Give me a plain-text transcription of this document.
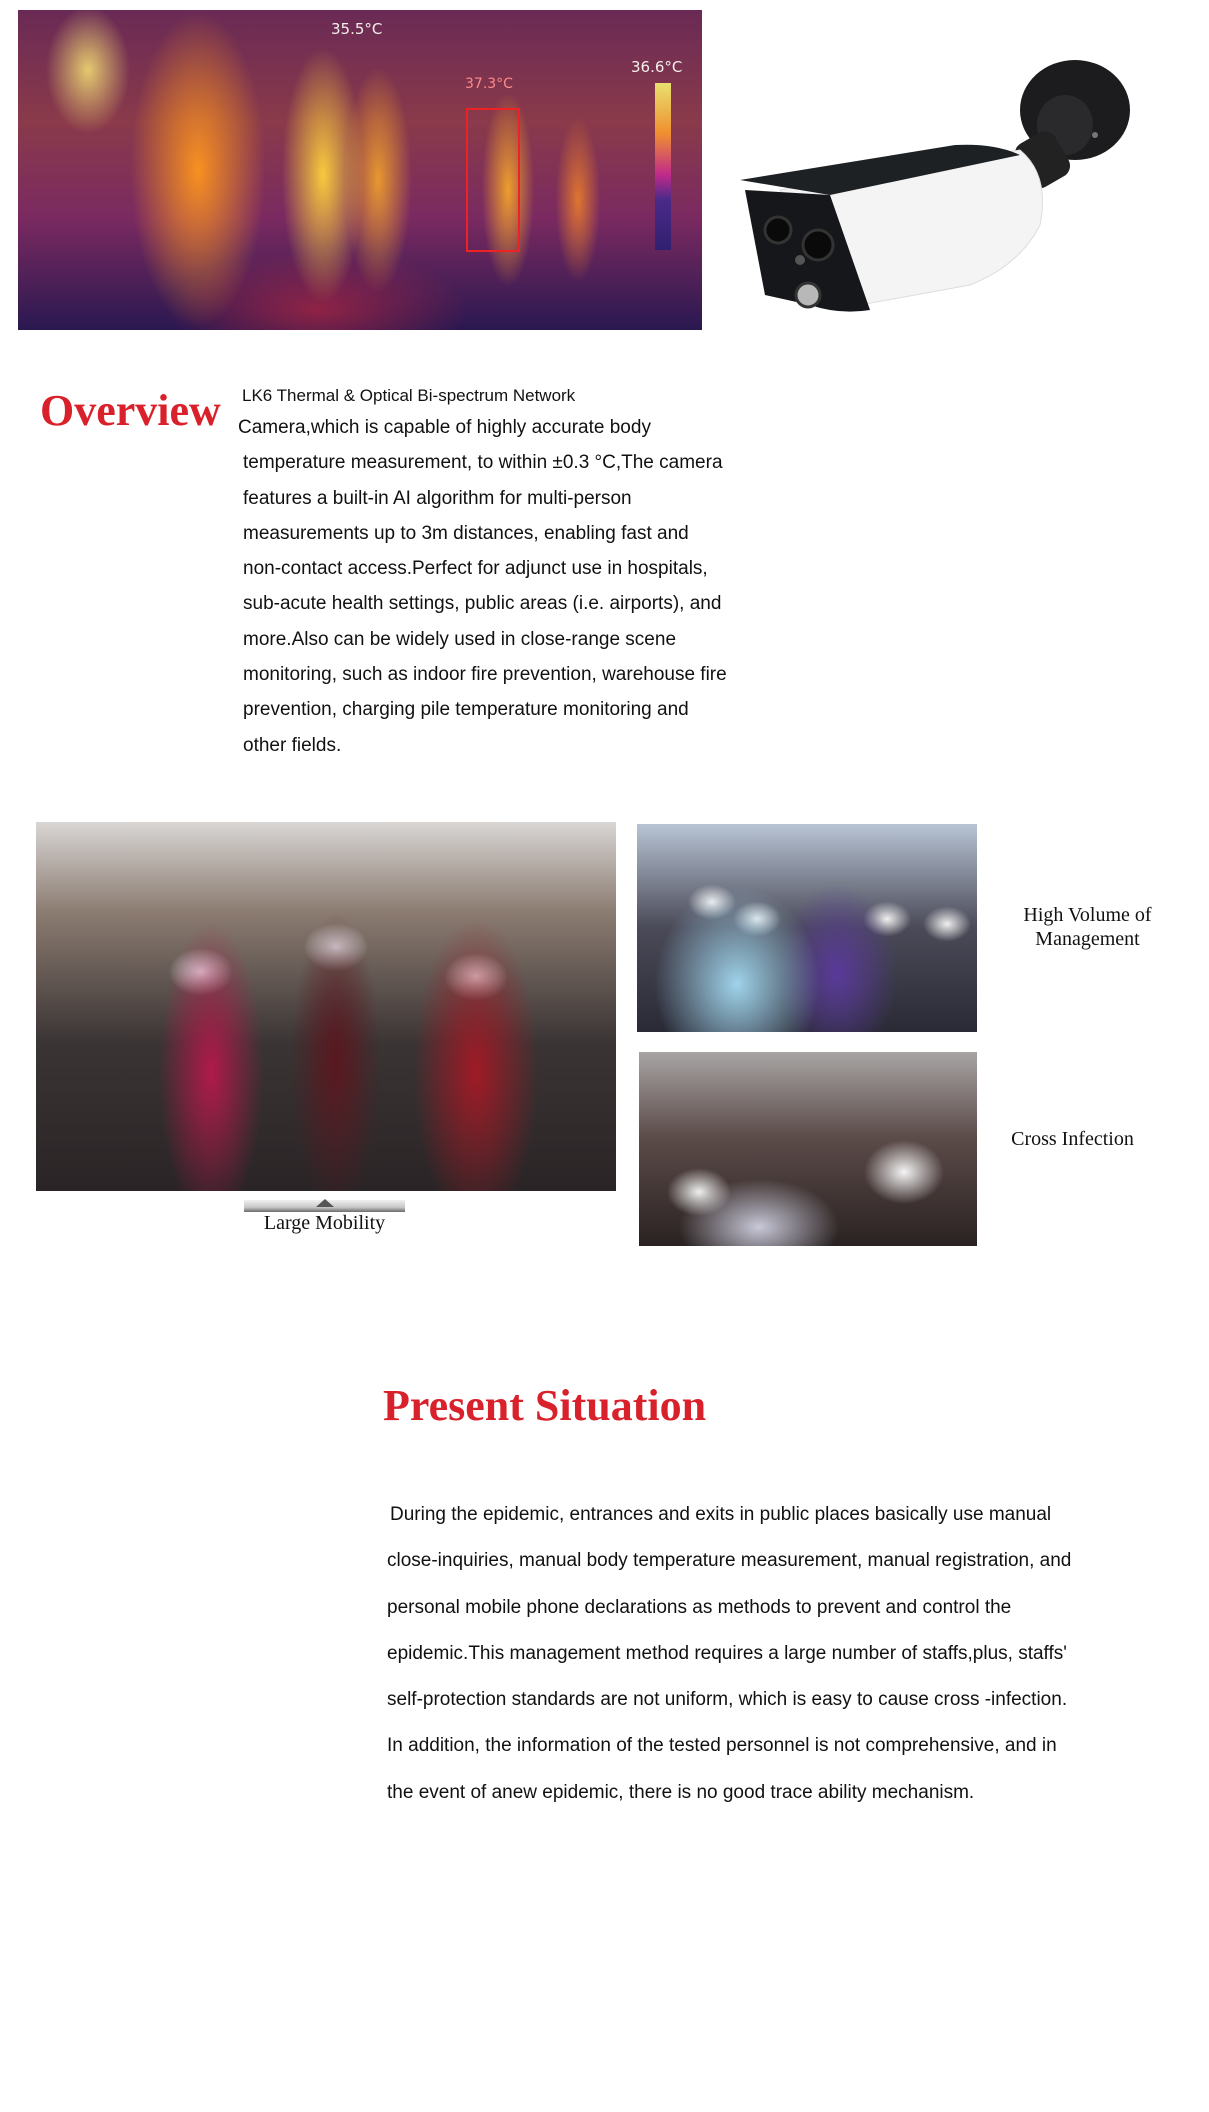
35.5°C
37.3°C
36.6°C
Overview LK6 Thermal & Optical Bi-spectrum Network
Camera,which is capable of highly accurate body
temperature measurement, to within ±0.3 °C,The camera
features a built-in AI algorithm for multi-person
measurements up to 3m distances, enabling fast and
non-contact access.Perfect for adjunct use in hospitals,
sub-acute health settings, public areas (i.e. airports), and
more.Also can be widely used in close-range scene
monitoring, such as indoor fire prevention, warehouse fire
prevention, charging pile temperature monitoring and
other fields.
Large Mobility
High Volume of
Management
Cross Infection
Present Situation
During the epidemic, entrances and exits in public places basically use manual
close-inquiries, manual body temperature measurement, manual registration, and
personal mobile phone declarations as methods to prevent and control the
epidemic.This management method requires a large number of staffs,plus, staffs'
self-protection standards are not uniform, which is easy to cause cross -infection.
In addition, the information of the tested personnel is not comprehensive, and in
the event of anew epidemic, there is no good trace ability mechanism.
